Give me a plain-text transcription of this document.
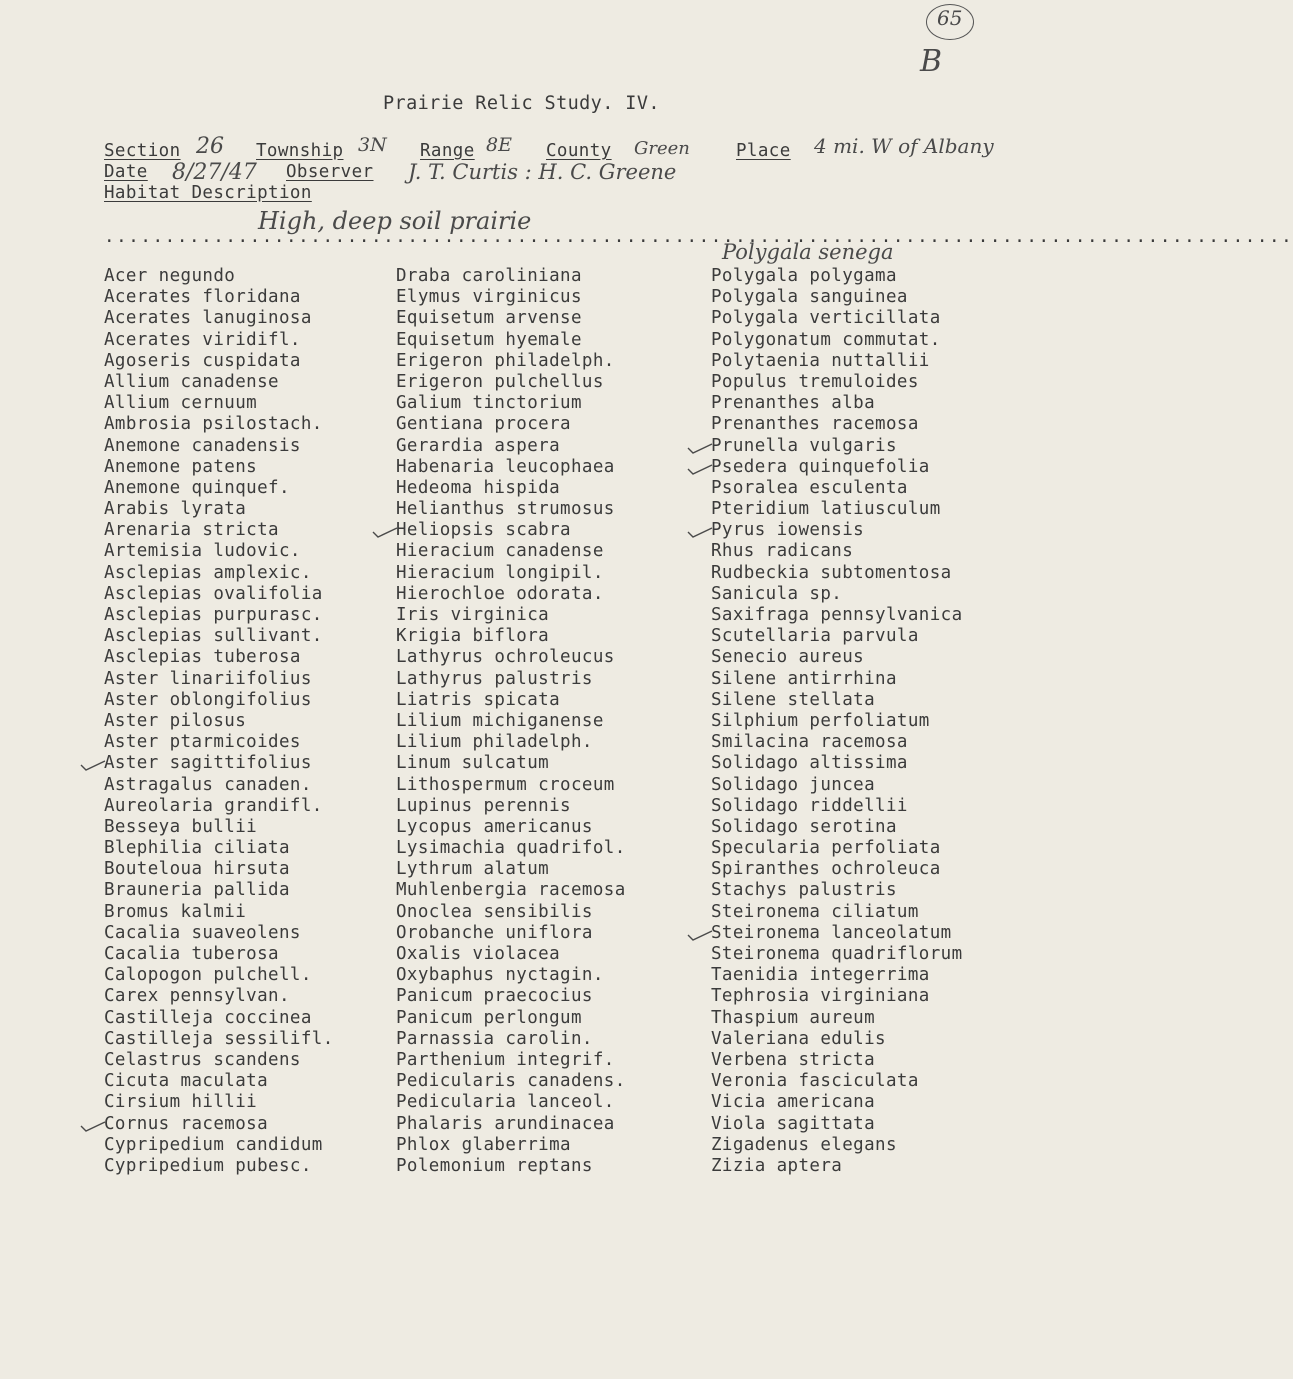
65
B
Prairie Relic Study. IV.
Section 26 Township 3N Range 8E County Green	Place 4 mi. W of Albany
Date 8/27/47 Observer J. T. Curtis : H. C. Greene
Habitat Description
High, deep soil prairie
..................................................................................................
Polygala senega
Acer negundo
Acerates floridana
Acerates lanuginosa
Acerates viridifl.
Agoseris cuspidata
Allium canadense
Allium cernuum
Ambrosia psilostach.
Anemone canadensis
Anemone patens
Anemone quinquef.
Arabis lyrata
Arenaria stricta
Artemisia ludovic.
Asclepias amplexic.
Asclepias ovalifolia
Asclepias purpurasc.
Asclepias sullivant.
Asclepias tuberosa
Aster linariifolius
Aster oblongifolius
Aster pilosus
Aster ptarmicoides
Aster sagittifolius
Astragalus canaden.
Aureolaria grandifl.
Besseya bullii
Blephilia ciliata
Bouteloua hirsuta
Brauneria pallida
Bromus kalmii
Cacalia suaveolens
Cacalia tuberosa
Calopogon pulchell.
Carex pennsylvan.
Castilleja coccinea
Castilleja sessilifl.
Celastrus scandens
Cicuta maculata
Cirsium hillii
Cornus racemosa
Cypripedium candidum
Cypripedium pubesc.
Draba caroliniana
Elymus virginicus
Equisetum arvense
Equisetum hyemale
Erigeron philadelph.
Erigeron pulchellus
Galium tinctorium
Gentiana procera
Gerardia aspera
Habenaria leucophaea
Hedeoma hispida
Helianthus strumosus
Heliopsis scabra
Hieracium canadense
Hieracium longipil.
Hierochloe odorata.
Iris virginica
Krigia biflora
Lathyrus ochroleucus
Lathyrus palustris
Liatris spicata
Lilium michiganense
Lilium philadelph.
Linum sulcatum
Lithospermum croceum
Lupinus perennis
Lycopus americanus
Lysimachia quadrifol.
Lythrum alatum
Muhlenbergia racemosa
Onoclea sensibilis
Orobanche uniflora
Oxalis violacea
Oxybaphus nyctagin.
Panicum praecocius
Panicum perlongum
Parnassia carolin.
Parthenium integrif.
Pedicularis canadens.
Pedicularia lanceol.
Phalaris arundinacea
Phlox glaberrima
Polemonium reptans
Polygala polygama
Polygala sanguinea
Polygala verticillata
Polygonatum commutat.
Polytaenia nuttallii
Populus tremuloides
Prenanthes alba
Prenanthes racemosa
Prunella vulgaris
Psedera quinquefolia
Psoralea esculenta
Pteridium latiusculum
Pyrus iowensis
Rhus radicans
Rudbeckia subtomentosa
Sanicula sp.
Saxifraga pennsylvanica
Scutellaria parvula
Senecio aureus
Silene antirrhina
Silene stellata
Silphium perfoliatum
Smilacina racemosa
Solidago altissima
Solidago juncea
Solidago riddellii
Solidago serotina
Specularia perfoliata
Spiranthes ochroleuca
Stachys palustris
Steironema ciliatum
Steironema lanceolatum
Steironema quadriflorum
Taenidia integerrima
Tephrosia virginiana
Thaspium aureum
Valeriana edulis
Verbena stricta
Veronia fasciculata
Vicia americana
Viola sagittata
Zigadenus elegans
Zizia aptera
